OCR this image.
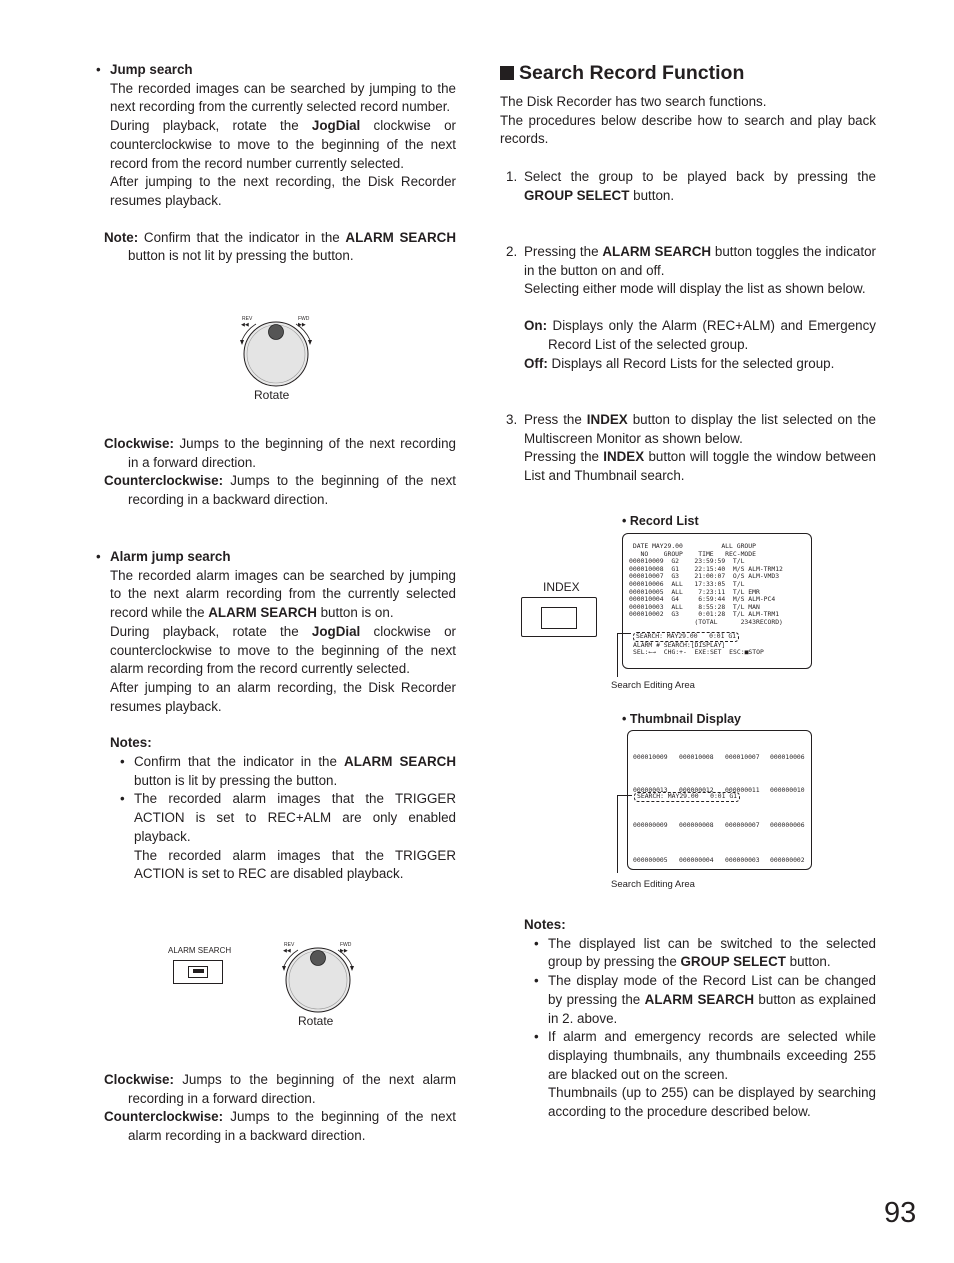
• Jump search
The recorded images can be searched by jumping to the next recording from the currently selected record number.
During playback, rotate the JogDial clockwise or counterclockwise to move to the beginning of the next record from the record number currently selected.
After jumping to the next recording, the Disk Recorder resumes playback.
Note: Confirm that the indicator in the ALARM SEARCH button is not lit by pressing the button.
REV	FWD
◀◀	▶▶
Rotate
Clockwise: Jumps to the beginning of the next recording in a forward direction.
Counterclockwise: Jumps to the beginning of the next recording in a backward direction.
• Alarm jump search
The recorded alarm images can be searched by jumping to the next alarm recording from the currently selected record while the ALARM SEARCH button is on.
During playback, rotate the JogDial clockwise or counterclockwise to move to the beginning of the next alarm recording from the record currently selected.
After jumping to an alarm recording, the Disk Recorder resumes playback.
Notes:
• Confirm that the indicator in the ALARM SEARCH button is lit by pressing the button.
• The recorded alarm images that the TRIGGER ACTION is set to REC+ALM are only enabled playback.
The recorded alarm images that the TRIGGER ACTION is set to REC are disabled playback.
ALARM SEARCH
REV	FWD
◀◀	▶▶
Rotate
Clockwise: Jumps to the beginning of the next alarm recording in a forward direction.
Counterclockwise: Jumps to the beginning of the next alarm recording in a backward direction.
Search Record Function
The Disk Recorder has two search functions.
The procedures below describe how to search and play back records.
1. Select the group to be played back by pressing the GROUP SELECT button.
2. Pressing the ALARM SEARCH button toggles the indicator in the button on and off.
Selecting either mode will display the list as shown below.
On: Displays only the Alarm (REC+ALM) and Emergency Record List of the selected group.
Off: Displays all Record Lists for the selected group.
3. Press the INDEX button to display the list selected on the Multiscreen Monitor as shown below.
Pressing the INDEX button will toggle the window between List and Thumbnail search.
• Record List
INDEX
DATE MAY29.00          ALL GROUP
NO    GROUP    TIME   REC-MODE
000010009  G2    23:59:59  T/L
000010008  G1    22:15:40  M/S ALM-TRM12
000010007  G3    21:00:07  O/S ALM-VMD3
000010006  ALL   17:33:05  T/L
000010005  ALL    7:23:11  T/L EMR
000010004  G4     6:59:44  M/S ALM-PC4
000010003  ALL    8:55:28  T/L MAN
000010002  G3     0:01:28  T/L ALM-TRM1
(TOTAL      2343RECORD)
SEARCH: MAY29.00   0:01 G1
ALARM # SEARCH:[DISPLAY]
SEL:←→  CHG:+-  EXE:SET  ESC:■STOP
Search Editing Area
• Thumbnail Display
SEARCH: MAY29.00   0:01 G1
000010009 000010008 000010007 000010006
000000013 000000012 000000011 000000010
000000009 000000008 000000007 000000006
000000005 000000004 000000003 000000002
Search Editing Area
Notes:
• The displayed list can be switched to the selected group by pressing the GROUP SELECT button.
• The display mode of the Record List can be changed by pressing the ALARM SEARCH button as explained in 2. above.
• If alarm and emergency records are selected while displaying thumbnails, any thumbnails exceeding 255 are blacked out on the screen.
Thumbnails (up to 255) can be displayed by searching according to the procedure described below.
93
